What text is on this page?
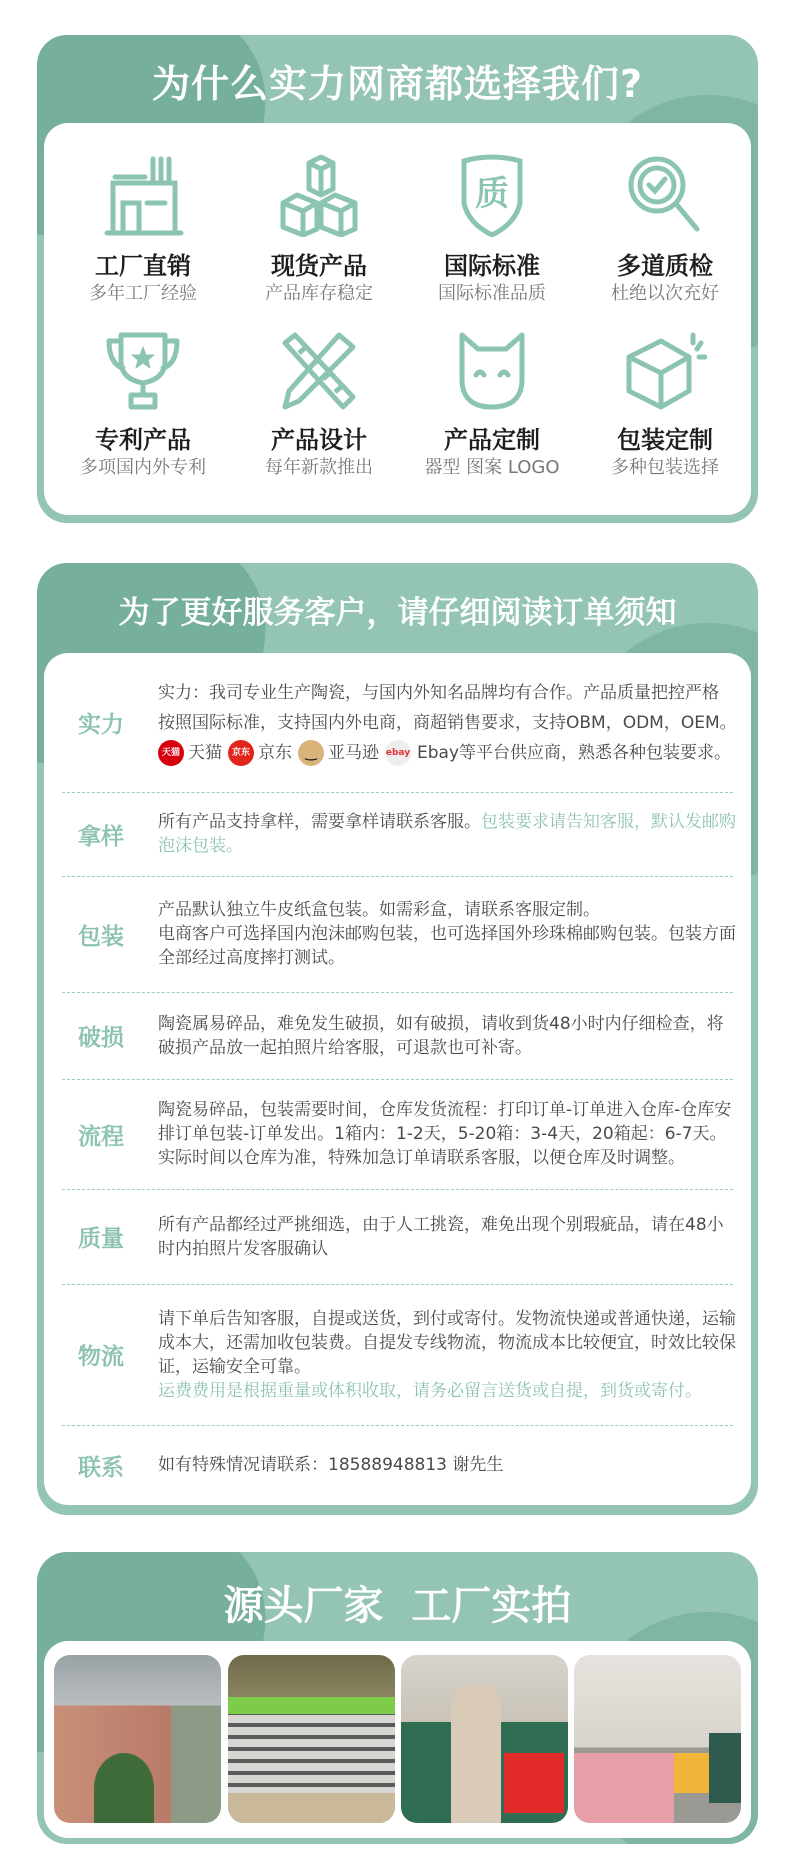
为什么实力网商都选择我们?
工厂直销
多年工厂经验
现货产品
产品库存稳定
质
国际标准
国际标准品质
多道质检
杜绝以次充好
专利产品
多项国内外专利
产品设计
每年新款推出
产品定制
器型 图案 LOGO
包装定制
多种包装选择
为了更好服务客户，请仔细阅读订单须知
实力
实力：我司专业生产陶瓷，与国内外知名品牌均有合作。产品质量把控严格
按照国际标准，支持国内外电商，商超销售要求，支持OBM，ODM，OEM。
天猫 天猫	京东 京东 ‿ 亚马逊 ebay Ebay等平台供应商，熟悉各种包装要求。
拿样
所有产品支持拿样，需要拿样请联系客服。包装要求请告知客服，默认发邮购泡沫包装。
包装
产品默认独立牛皮纸盒包装。如需彩盒，请联系客服定制。
电商客户可选择国内泡沫邮购包装，也可选择国外珍珠棉邮购包装。包装方面全部经过高度摔打测试。
破损
陶瓷属易碎品，难免发生破损，如有破损，请收到货48小时内仔细检查，将破损产品放一起拍照片给客服，可退款也可补寄。
流程
陶瓷易碎品，包装需要时间，仓库发货流程：打印订单-订单进入仓库-仓库安排订单包装-订单发出。1箱内：1-2天，5-20箱：3-4天，20箱起：6-7天。
实际时间以仓库为准，特殊加急订单请联系客服，以便仓库及时调整。
质量
所有产品都经过严挑细选，由于人工挑瓷，难免出现个别瑕疵品，请在48小时内拍照片发客服确认
物流
请下单后告知客服，自提或送货，到付或寄付。发物流快递或普通快递，运输成本大，还需加收包装费。自提发专线物流，物流成本比较便宜，时效比较保证，运输安全可靠。
运费费用是根据重量或体积收取，请务必留言送货或自提，到货或寄付。
联系	如有特殊情况请联系：18588948813 谢先生
源头厂家  工厂实拍
